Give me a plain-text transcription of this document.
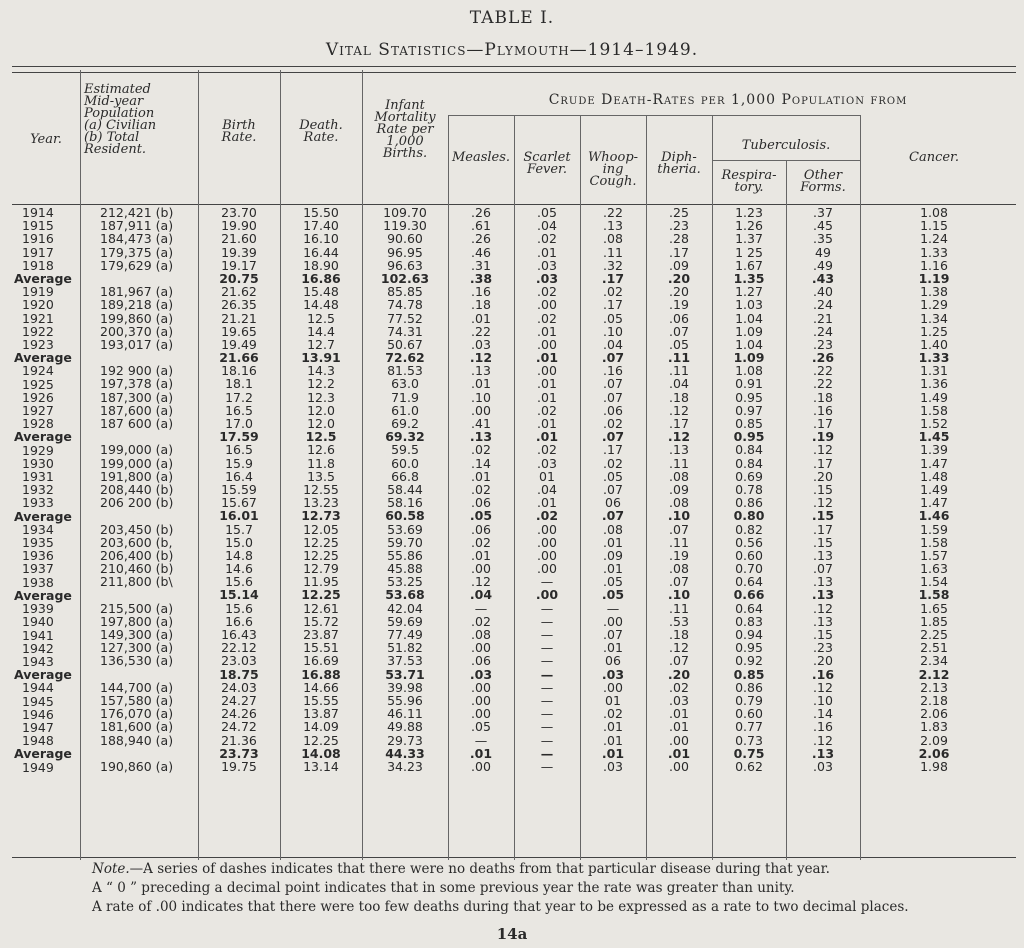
TABLE I.
Vital Statistics—Plymouth—1914–1949.
Year.
Estimated
Mid-year
Population
(a) Civilian
(b) Total
Resident.
Birth
Rate.
Death.
Rate.
Infant
Mortality
Rate per
1,000
Births.
Crude Death-Rates per 1,000 Population from
Measles.	Scarlet
Fever.
Whoop-
ing
Cough.
Diph-
theria.
Tuberculosis.
Respira-
tory.
Other
Forms.
Cancer.
1914
1915
1916
1917
1918
Average
1919
1920
1921
1922
1923
Average
1924
1925
1926
1927
1928
Average
1929
1930
1931
1932
1933
Average
1934
1935
1936
1937
1938
Average
1939
1940
1941
1942
1943
Average
1944
1945
1946
1947
1948
Average
1949
212,421 (b)
187,911 (a)
184,473 (a)
179,375 (a)
179,629 (a)
181,967 (a)
189,218 (a)
199,860 (a)
200,370 (a)
193,017 (a)
192 900 (a)
197,378 (a)
187,300 (a)
187,600 (a)
187 600 (a)
199,000 (a)
199,000 (a)
191,800 (a)
208,440 (b)
206 200 (b)
203,450 (b)
203,600 (b,
206,400 (b)
210,460 (b)
211,800 (b\
215,500 (a)
197,800 (a)
149,300 (a)
127,300 (a)
136,530 (a)
144,700 (a)
157,580 (a)
176,070 (a)
181,600 (a)
188,940 (a)
190,860 (a)
23.70
19.90
21.60
19.39
19.17
20.75
21.62
26.35
21.21
19.65
19.49
21.66
18.16
18.1
17.2
16.5
17.0
17.59
16.5
15.9
16.4
15.59
15.67
16.01
15.7
15.0
14.8
14.6
15.6
15.14
15.6
16.6
16.43
22.12
23.03
18.75
24.03
24.27
24.26
24.72
21.36
23.73
19.75
15.50
17.40
16.10
16.44
18.90
16.86
15.48
14.48
12.5
14.4
12.7
13.91
14.3
12.2
12.3
12.0
12.0
12.5
12.6
11.8
13.5
12.55
13.23
12.73
12.05
12.25
12.25
12.79
11.95
12.25
12.61
15.72
23.87
15.51
16.69
16.88
14.66
15.55
13.87
14.09
12.25
14.08
13.14
109.70
119.30
90.60
96.95
96.63
102.63
85.85
74.78
77.52
74.31
50.67
72.62
81.53
63.0
71.9
61.0
69.2
69.32
59.5
60.0
66.8
58.44
58.16
60.58
53.69
59.70
55.86
45.88
53.25
53.68
42.04
59.69
77.49
51.82
37.53
53.71
39.98
55.96
46.11
49.88
29.73
44.33
34.23
.26
.61
.26
.46
.31
.38
.16
.18
.01
.22
.03
.12
.13
.01
.10
.00
.41
.13
.02
.14
.01
.02
.06
.05
.06
.02
.01
.00
.12
.04
—
.02
.08
.00
.06
.03
.00
.00
.00
.05
—
.01
.00
.05
.04
.02
.01
.03
.03
.02
.00
.02
.01
.00
.01
.00
.01
.01
.02
.01
.01
.02
.03
01
.04
.01
.02
.00
.00
.00
.00
—
.00
—
—
—
—
—
—
—
—
—
—
—
—
—
.22
.13
.08
.11
.32
.17
.02
.17
.05
.10
.04
.07
.16
.07
.07
.06
.02
.07
.17
.02
.05
.07
06
.07
.08
.01
.09
.01
.05
.05
—
.00
.07
.01
06
.03
.00
01
.02
.01
.01
.01
.03
.25
.23
.28
.17
.09
.20
.20
.19
.06
.07
.05
.11
.11
.04
.18
.12
.17
.12
.13
.11
.08
.09
.08
.10
.07
.11
.19
.08
.07
.10
.11
.53
.18
.12
.07
.20
.02
.03
.01
.01
.00
.01
.00
1.23
1.26
1.37
1 25
1.67
1.35
1.27
1.03
1.04
1.09
1.04
1.09
1.08
0.91
0.95
0.97
0.85
0.95
0.84
0.84
0.69
0.78
0.86
0.80
0.82
0.56
0.60
0.70
0.64
0.66
0.64
0.83
0.94
0.95
0.92
0.85
0.86
0.79
0.60
0.77
0.73
0.75
0.62
.37
.45
.35
49
.49
.43
.40
.24
.21
.24
.23
.26
.22
.22
.18
.16
.17
.19
.12
.17
.20
.15
.12
.15
.17
.15
.13
.07
.13
.13
.12
.13
.15
.23
.20
.16
.12
.10
.14
.16
.12
.13
.03
1.08
1.15
1.24
1.33
1.16
1.19
1.38
1.29
1.34
1.25
1.40
1.33
1.31
1.36
1.49
1.58
1.52
1.45
1.39
1.47
1.48
1.49
1.47
1.46
1.59
1.58
1.57
1.63
1.54
1.58
1.65
1.85
2.25
2.51
2.34
2.12
2.13
2.18
2.06
1.83
2.09
2.06
1.98
Note.—A series of dashes indicates that there were no deaths from that particular disease during that year.
A “ 0 ” preceding a decimal point indicates that in some previous year the rate was greater than unity.
A rate of .00 indicates that there were too few deaths during that year to be expressed as a rate to two decimal places.
14a
